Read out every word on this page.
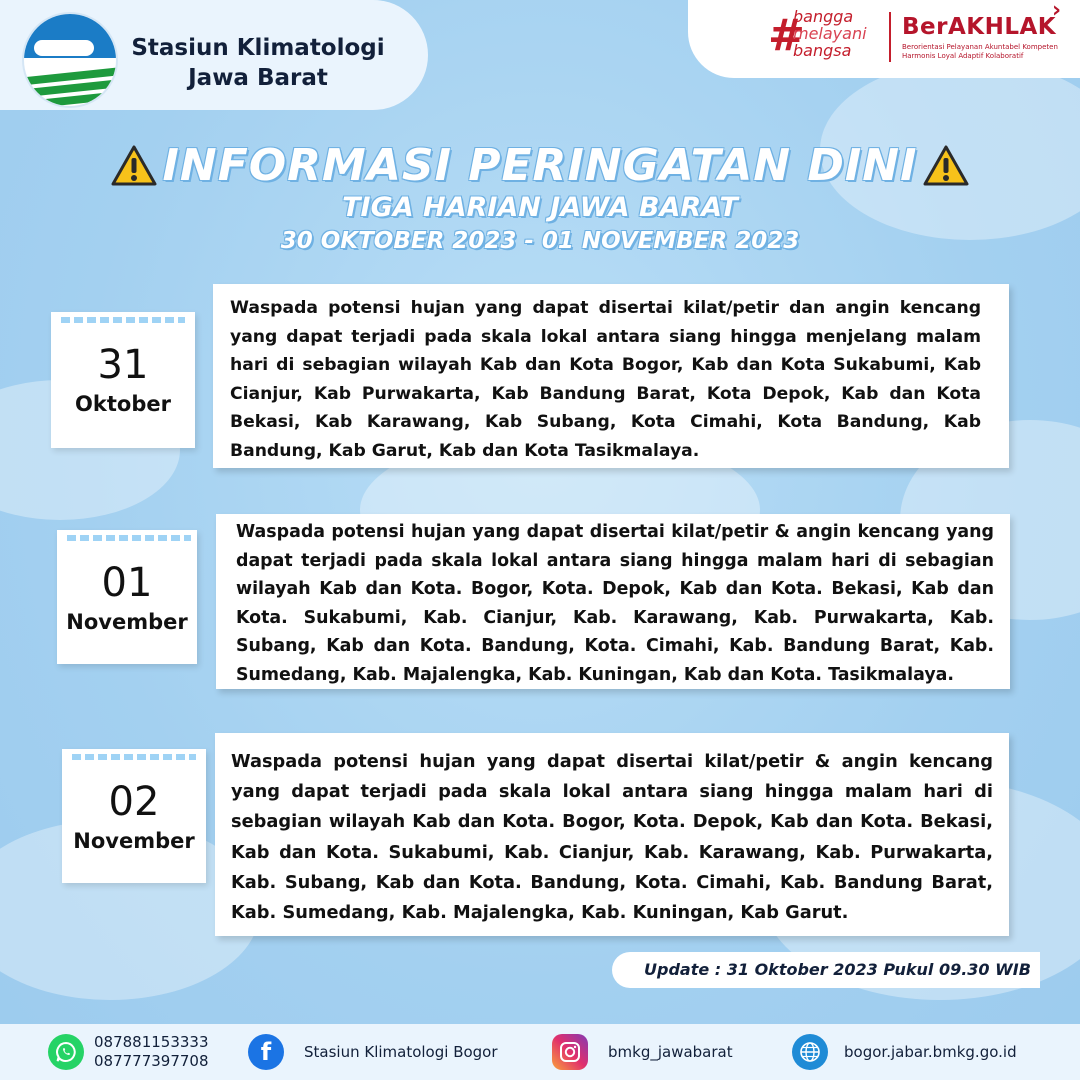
Stasiun Klimatologi
Jawa Barat
#
bangga
melayani
bangsa
BerAKHLAK
Berorientasi Pelayanan Akuntabel Kompeten Harmonis Loyal Adaptif Kolaboratif
›
INFORMASI PERINGATAN DINI
TIGA HARIAN JAWA BARAT
30 OKTOBER 2023 - 01 NOVEMBER 2023
31
Oktober
Waspada potensi hujan yang dapat disertai kilat/petir dan angin kencang yang dapat terjadi pada skala lokal antara siang hingga menjelang malam hari di sebagian wilayah Kab dan Kota Bogor, Kab dan Kota Sukabumi, Kab Cianjur, Kab Purwakarta, Kab Bandung Barat, Kota Depok, Kab dan Kota Bekasi, Kab Karawang, Kab Subang, Kota Cimahi, Kota Bandung, Kab Bandung, Kab Garut, Kab dan Kota Tasikmalaya.
01
November
Waspada potensi hujan yang dapat disertai kilat/petir & angin kencang yang dapat terjadi pada skala lokal antara siang hingga malam hari di sebagian wilayah Kab dan Kota. Bogor, Kota. Depok, Kab dan Kota. Bekasi, Kab dan Kota. Sukabumi, Kab. Cianjur, Kab. Karawang, Kab. Purwakarta, Kab. Subang, Kab dan Kota. Bandung, Kota. Cimahi, Kab. Bandung Barat, Kab. Sumedang, Kab. Majalengka, Kab. Kuningan, Kab dan Kota. Tasikmalaya.
02
November
Waspada potensi hujan yang dapat disertai kilat/petir & angin kencang yang dapat terjadi pada skala lokal antara siang hingga malam hari di sebagian wilayah Kab dan Kota. Bogor, Kota. Depok, Kab dan Kota. Bekasi, Kab dan Kota. Sukabumi, Kab. Cianjur, Kab. Karawang, Kab. Purwakarta, Kab. Subang, Kab dan Kota. Bandung, Kota. Cimahi, Kab. Bandung Barat, Kab. Sumedang, Kab. Majalengka, Kab. Kuningan, Kab Garut.
Update : 31 Oktober 2023 Pukul 09.30 WIB
087881153333
087777397708	f	Stasiun Klimatologi Bogor	bmkg_jawabarat	bogor.jabar.bmkg.go.id
